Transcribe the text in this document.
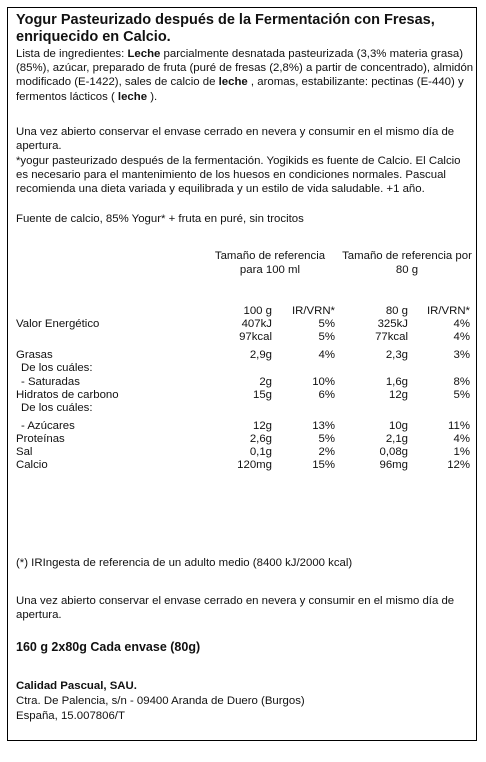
Yogur Pasteurizado después de la Fermentación con Fresas, enriquecido en Calcio.
Lista de ingredientes: Leche parcialmente desnatada pasteurizada (3,3% materia grasa) (85%), azúcar, preparado de fruta (puré de fresas (2,8%) a partir de concentrado), almidón modificado (E-1422), sales de calcio de leche , aromas, estabilizante: pectinas (E-440) y fermentos lácticos ( leche ).
Una vez abierto conservar el envase cerrado en nevera y consumir en el mismo día de apertura.
*yogur pasteurizado después de la fermentación. Yogikids es fuente de Calcio. El Calcio es necesario para el mantenimiento de los huesos en condiciones normales. Pascual recomienda una dieta variada y equilibrada y un estilo de vida saludable. +1 año.
Fuente de calcio, 85% Yogur* + fruta en puré, sin trocitos
Tamaño de referencia para 100 ml
Tamaño de referencia por 80 g
100 g IR/VRN*	80 g IR/VRN*
Valor Energético	407kJ	5%	325kJ	4%
97kcal	5%	77kcal	4%
Grasas	2,9g	4%	2,3g	3%
De los cuáles:
- Saturadas	2g	10%	1,6g	8%
Hidratos de carbono	15g	6%	12g	5%
De los cuáles:
- Azúcares	12g	13%	10g	11%
Proteínas	2,6g	5%	2,1g	4%
Sal	0,1g	2%	0,08g	1%
Calcio	120mg	15%	96mg	12%
(*) IRIngesta de referencia de un adulto medio (8400 kJ/2000 kcal)
Una vez abierto conservar el envase cerrado en nevera y consumir en el mismo día de apertura.
160 g 2x80g Cada envase (80g)
Calidad Pascual, SAU.
Ctra. De Palencia, s/n - 09400 Aranda de Duero (Burgos)
España, 15.007806/T
